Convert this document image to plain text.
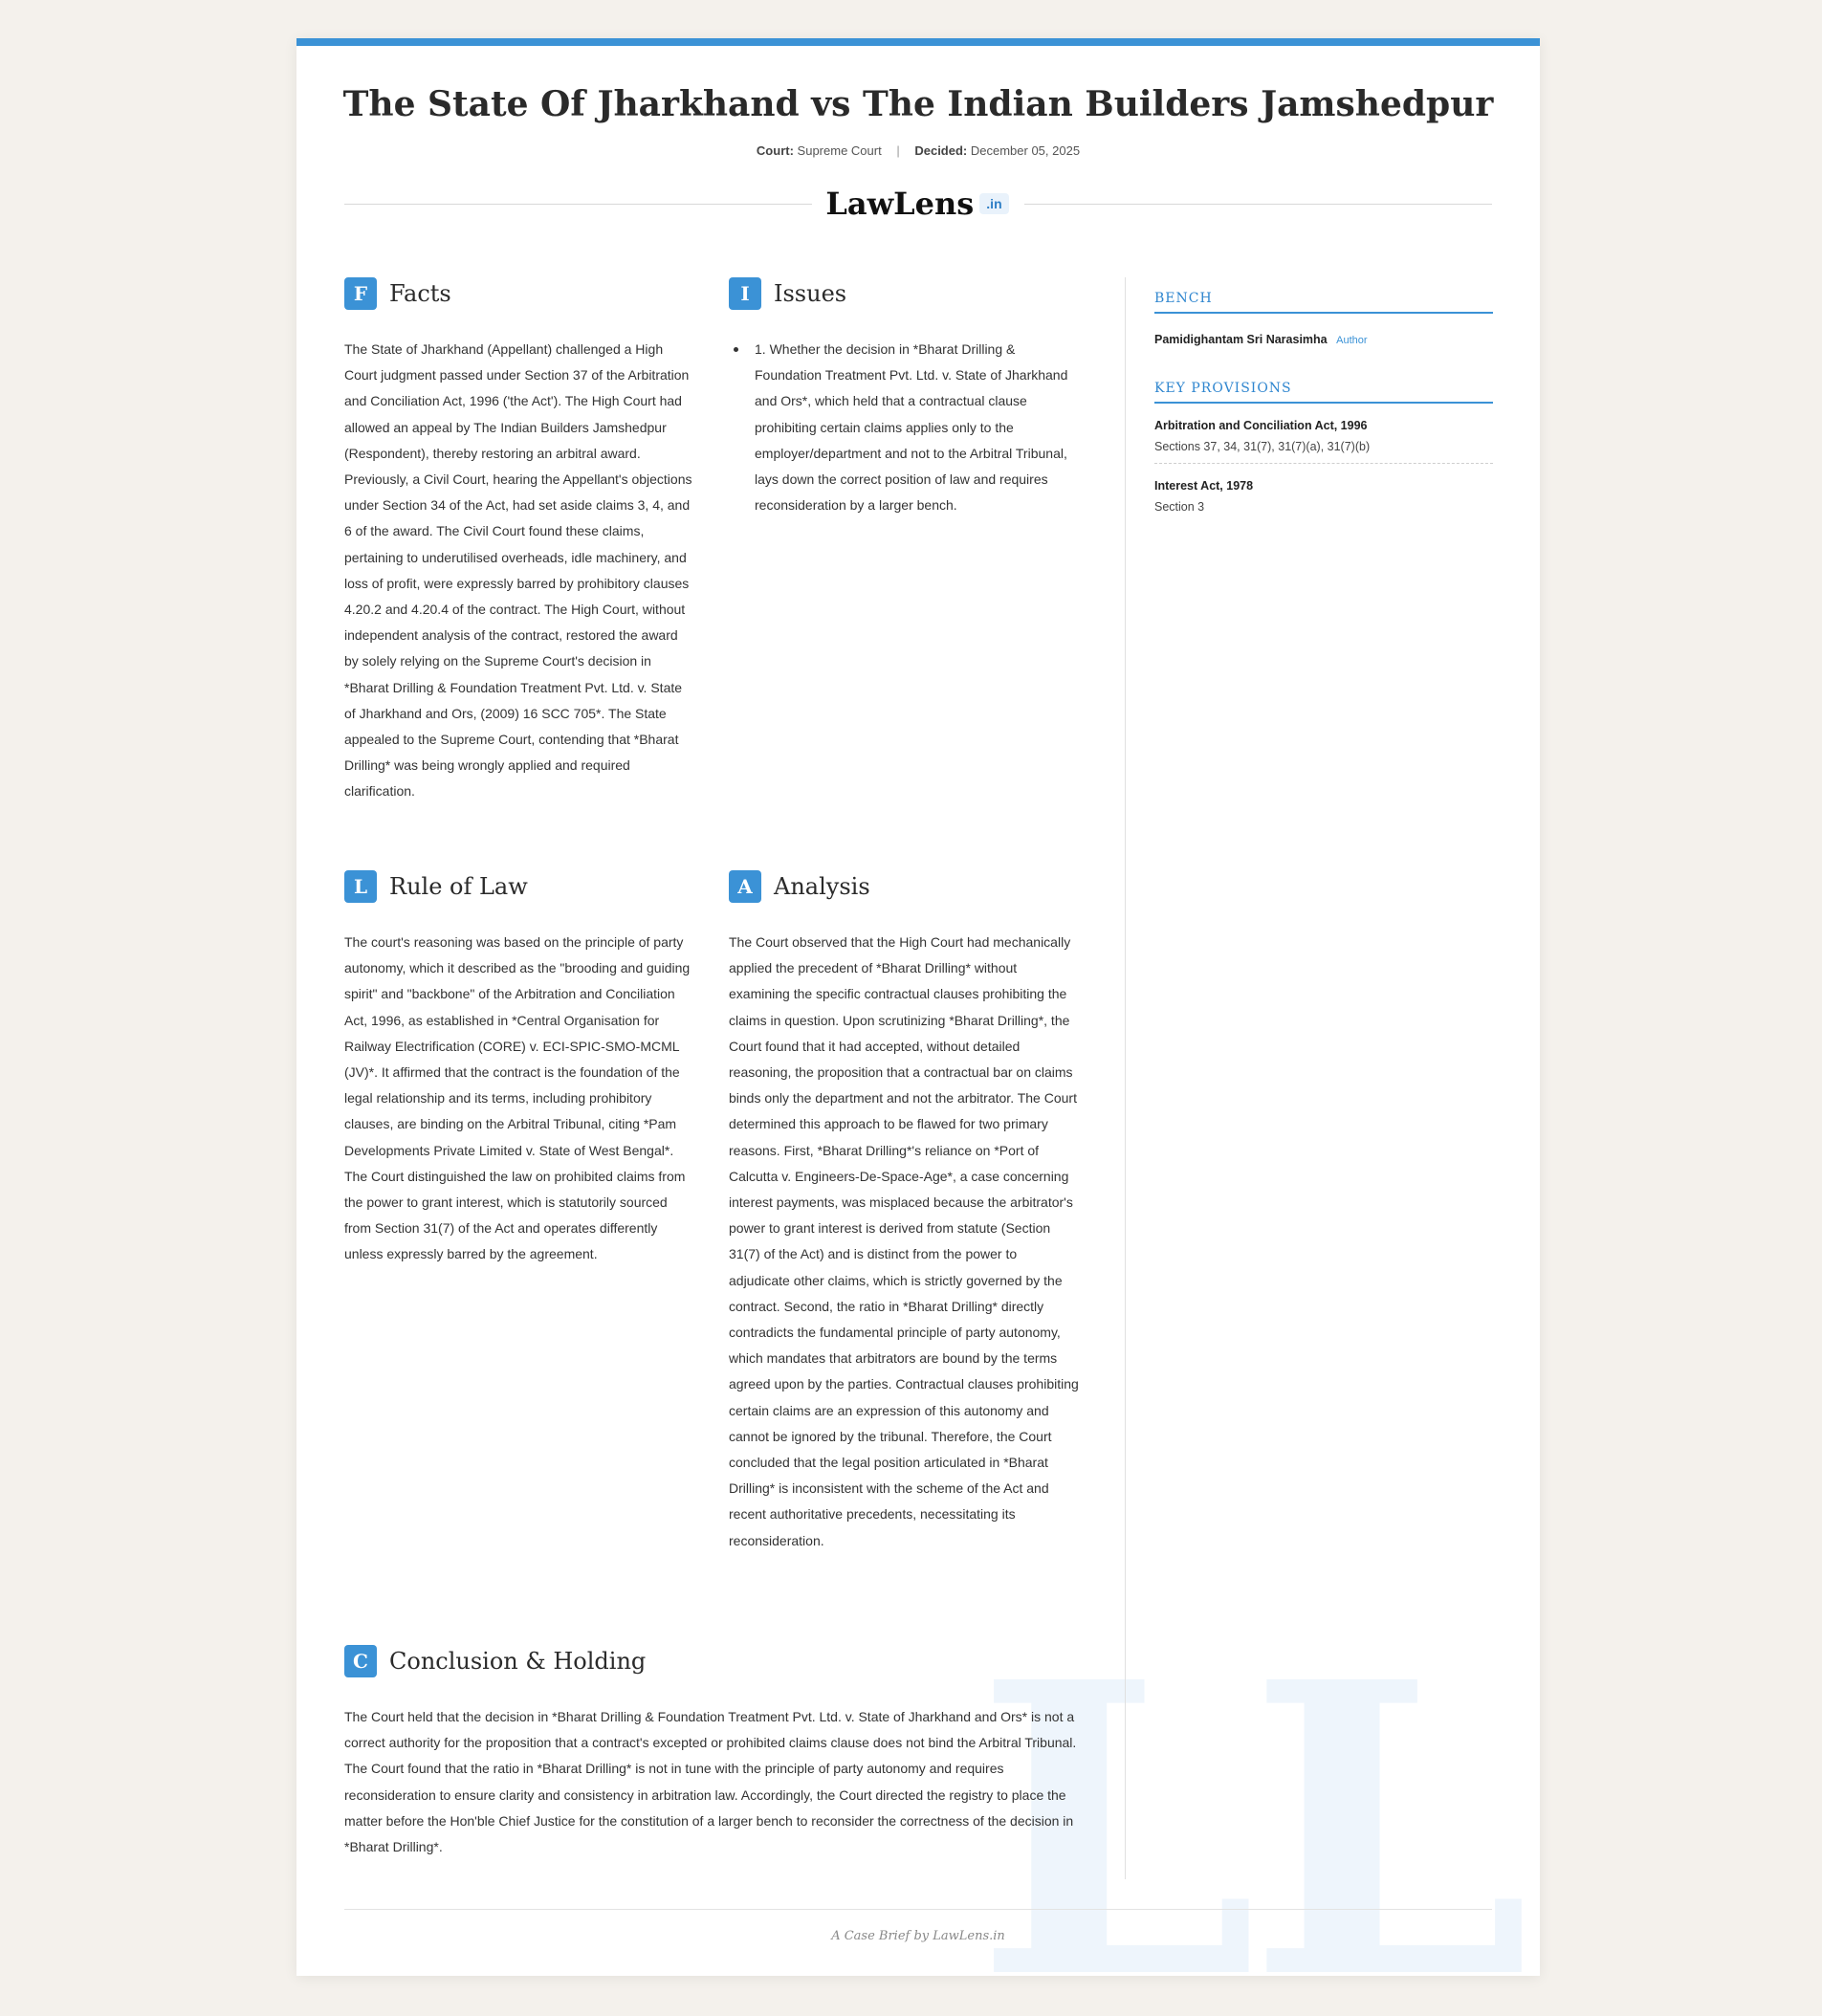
LL
The State Of Jharkhand vs The Indian Builders Jamshedpur
Court: Supreme Court | Decided: December 05, 2025
LawLens .in
F Facts
The State of Jharkhand (Appellant) challenged a High Court judgment passed under Section 37 of the Arbitration and Conciliation Act, 1996 ('the Act'). The High Court had allowed an appeal by The Indian Builders Jamshedpur (Respondent), thereby restoring an arbitral award. Previously, a Civil Court, hearing the Appellant's objections under Section 34 of the Act, had set aside claims 3, 4, and 6 of the award. The Civil Court found these claims, pertaining to underutilised overheads, idle machinery, and loss of profit, were expressly barred by prohibitory clauses 4.20.2 and 4.20.4 of the contract. The High Court, without independent analysis of the contract, restored the award by solely relying on the Supreme Court's decision in *Bharat Drilling & Foundation Treatment Pvt. Ltd. v. State of Jharkhand and Ors, (2009) 16 SCC 705*. The State appealed to the Supreme Court, contending that *Bharat Drilling* was being wrongly applied and required clarification.
I	Issues
1. Whether the decision in *Bharat Drilling & Foundation Treatment Pvt. Ltd. v. State of Jharkhand and Ors*, which held that a contractual clause prohibiting certain claims applies only to the employer/department and not to the Arbitral Tribunal, lays down the correct position of law and requires reconsideration by a larger bench.
L Rule of Law
The court's reasoning was based on the principle of party autonomy, which it described as the "brooding and guiding spirit" and "backbone" of the Arbitration and Conciliation Act, 1996, as established in *Central Organisation for Railway Electrification (CORE) v. ECI-SPIC-SMO-MCML (JV)*. It affirmed that the contract is the foundation of the legal relationship and its terms, including prohibitory clauses, are binding on the Arbitral Tribunal, citing *Pam Developments Private Limited v. State of West Bengal*. The Court distinguished the law on prohibited claims from the power to grant interest, which is statutorily sourced from Section 31(7) of the Act and operates differently unless expressly barred by the agreement.
A Analysis
The Court observed that the High Court had mechanically applied the precedent of *Bharat Drilling* without examining the specific contractual clauses prohibiting the claims in question. Upon scrutinizing *Bharat Drilling*, the Court found that it had accepted, without detailed reasoning, the proposition that a contractual bar on claims binds only the department and not the arbitrator. The Court determined this approach to be flawed for two primary reasons. First, *Bharat Drilling*'s reliance on *Port of Calcutta v. Engineers-De-Space-Age*, a case concerning interest payments, was misplaced because the arbitrator's power to grant interest is derived from statute (Section 31(7) of the Act) and is distinct from the power to adjudicate other claims, which is strictly governed by the contract. Second, the ratio in *Bharat Drilling* directly contradicts the fundamental principle of party autonomy, which mandates that arbitrators are bound by the terms agreed upon by the parties. Contractual clauses prohibiting certain claims are an expression of this autonomy and cannot be ignored by the tribunal. Therefore, the Court concluded that the legal position articulated in *Bharat Drilling* is inconsistent with the scheme of the Act and recent authoritative precedents, necessitating its reconsideration.
C Conclusion & Holding
The Court held that the decision in *Bharat Drilling & Foundation Treatment Pvt. Ltd. v. State of Jharkhand and Ors* is not a correct authority for the proposition that a contract's excepted or prohibited claims clause does not bind the Arbitral Tribunal. The Court found that the ratio in *Bharat Drilling* is not in tune with the principle of party autonomy and requires reconsideration to ensure clarity and consistency in arbitration law. Accordingly, the Court directed the registry to place the matter before the Hon'ble Chief Justice for the constitution of a larger bench to reconsider the correctness of the decision in *Bharat Drilling*.
BENCH
Pamidighantam Sri Narasimha Author
KEY PROVISIONS
Arbitration and Conciliation Act, 1996
Sections 37, 34, 31(7), 31(7)(a), 31(7)(b)
Interest Act, 1978
Section 3
A Case Brief by LawLens.in
